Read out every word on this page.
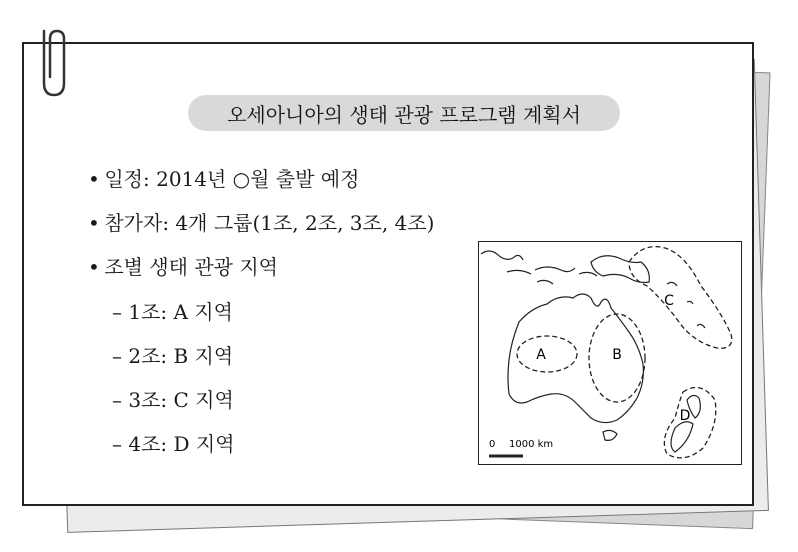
오세아니아의 생태 관광 프로그램 계획서
• 일정: 2014년 ○월 출발 예정
• 참가자: 4개 그룹(1조, 2조, 3조, 4조)
• 조별 생태 관광 지역
– 1조: A 지역
– 2조: B 지역
– 3조: C 지역
– 4조: D 지역
A	B
C
D
0 1000 km
